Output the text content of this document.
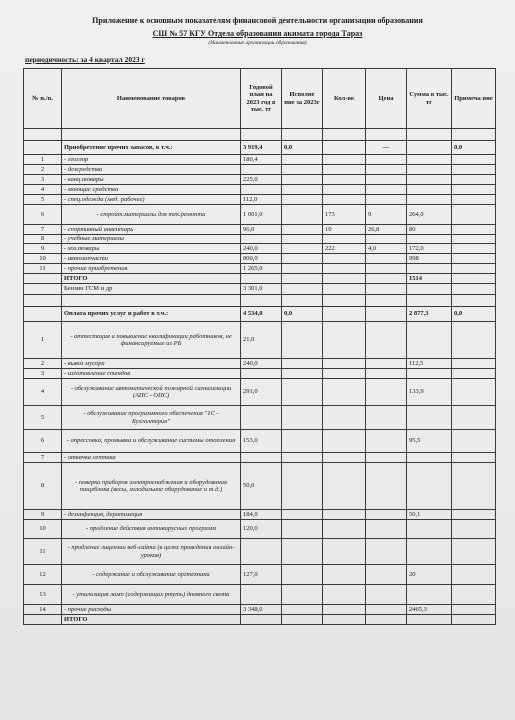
Приложение к основным показателям финансовой деятельности организации образования
СШ № 57 КГУ Отдела образования акимата города Тараз
(Наименование организации образования)
периодичность: за 4 квартал 2023 г
№ п./п.	Наименование товаров	Годовой план на 2023 год в тыс. тг	Исполне ние за 2023г	Кол-во	Цена	Сумма в тыс. тг	Примеча ние

	Приобретение прочих запасов, в т.ч.:	3 919,4	0,0		—		0,0
1	- геоглор	180,4					
2	- дезсредства						
3	- канц.товары	225,0					
4	- моющие средства						
5	- спец.одежда (мед. рабочее)	112,0					
6	- стройт.материалы для тек.ремонта	1 001,0		173	9	264,0	
7	- спортивный инвентарь	96,0		10	26,8	80	
8	- учебные материалы						
9	- хоз.товары	240,0		222	4,0	172,0	
10	- автозапчасти	800,0				998	
11	- прочие приобретения	1 265,0					
	ИТОГО					1514	
	Бензин ГСМ и др	3 301,0					

	Оплата прочих услуг и работ в т.ч.:	4 534,0	0,0			2 877,3	0,0
1	- аттестация и повышение квалификации работников, не финансируемые из РБ	21,0					
2	- вывоз мусора	240,0				112,5	
3	- изготовление стендов						
4	- обслуживание автоматической пожарной сигнализации (АПС - ОПС)	291,0				133,9	
5	- обслуживание программного обеспечения "1С - Бухгалтерия"						
6	- опрессовка, промывка и обслуживание системы отопления	153,0				95,5	
7	- откачка септика						
8	- поверка приборов электроснабжения и оборудования пищеблока (весы, холодильное оборудование и т.д.)	50,0					
9	- дезинфекция, дератизация	184,0				50,1	
10	- продление действия антивирусных программ	120,0					
11	- продление лицензии веб-сайта (в целях проведения онлайн-уроков)						
12	- содержание и обслуживание оргтехники	127,0				20	
13	- утилизация ламп (содержащих ртуть) дневного света						
14	- прочие расходы	3 348,0				2465,3	
	ИТОГО						
